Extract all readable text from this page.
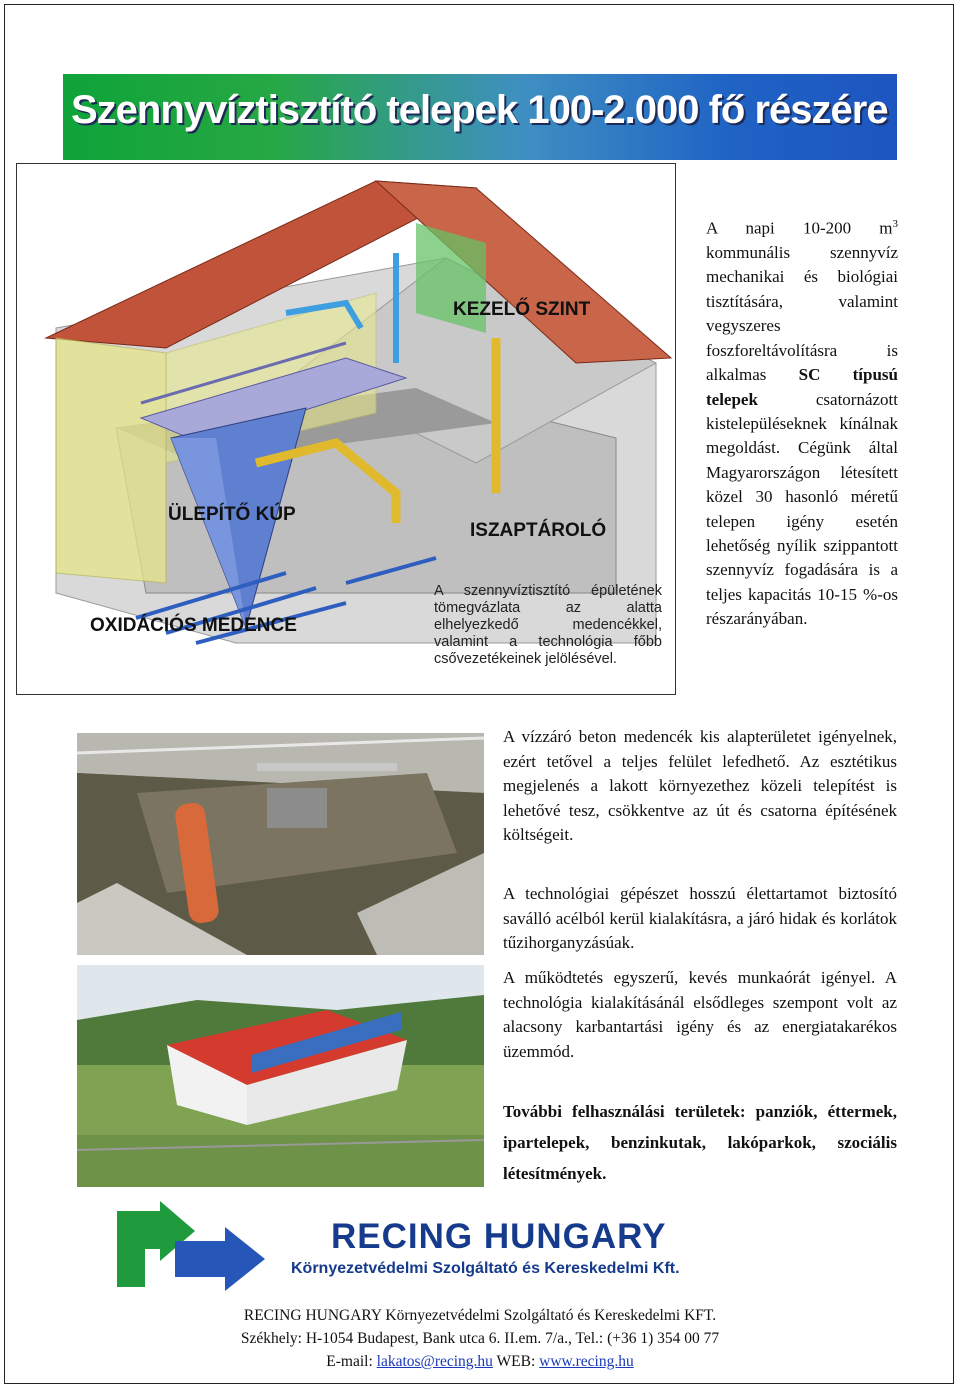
Szennyvíztisztító telepek 100-2.000 fő részére
KEZELŐ SZINT
ÜLEPÍTŐ KÚP
ISZAPTÁROLÓ
OXIDÁCIÓS MEDENCE
A szennyvíztisztító épületének tömegvázlata az alatta elhelyezkedő medencékkel, valamint a technológia főbb csővezetékeinek jelölésével.
A napi 10-200 $m^3$ kommunális szennyvíz mechanikai és biológiai tisztítására, valamint vegyszeres foszforeltávolításra is alkalmas SC típusú telepek csatornázott kistelepüléseknek kínálnak megoldást. Cégünk által Magyarországon létesített közel 30 hasonló méretű telepen igény esetén lehetőség nyílik szippantott szennyvíz fogadására is a teljes kapacitás 10-15 %-os részarányában.
A vízzáró beton medencék kis alapterületet igényelnek, ezért tetővel a teljes felület lefedhető. Az esztétikus megjelenés a lakott környezethez közeli telepítést is lehetővé tesz, csökkentve az út és csatorna építésének költségeit.
A technológiai gépészet hosszú élettartamot biztosító saválló acélból kerül kialakításra, a járó hidak és korlátok tűzihorganyzásúak.
A működtetés egyszerű, kevés munkaórát igényel. A technológia kialakításánál elsődleges szempont volt az alacsony karbantartási igény és az energiatakarékos üzemmód.
További felhasználási területek: panziók, éttermek, ipartelepek, benzinkutak, lakóparkok, szociális létesítmények.
RECING HUNGARY
Környezetvédelmi Szolgáltató és Kereskedelmi Kft.
RECING HUNGARY Környezetvédelmi Szolgáltató és Kereskedelmi KFT.
Székhely: H-1054 Budapest, Bank utca 6. II.em. 7/a., Tel.: (+36 1) 354 00 77
E-mail: lakatos@recing.hu WEB: www.recing.hu
